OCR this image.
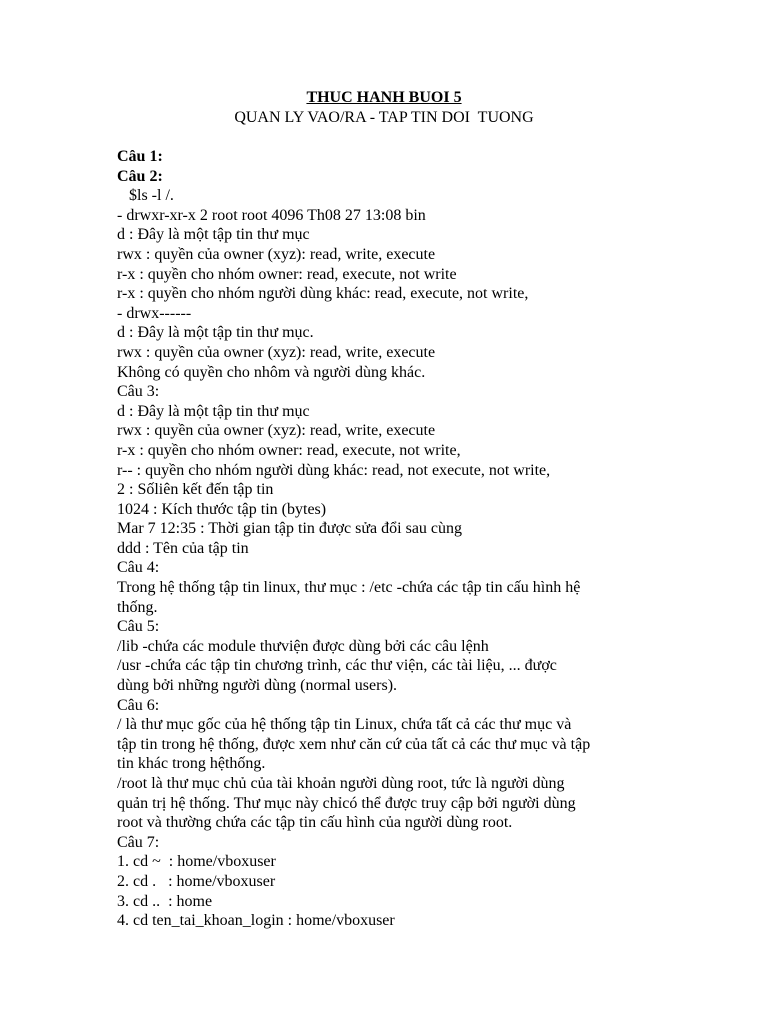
THUC HANH BUOI 5
QUAN LY VAO/RA - TAP TIN DOI  TUONG
Câu 1:
Câu 2:
$ls -l /.
- drwxr-xr-x 2 root root 4096 Th08 27 13:08 bin
d : Đây là một tập tin thư mục
rwx : quyền của owner (xyz): read, write, execute
r-x : quyền cho nhóm owner: read, execute, not write
r-x : quyền cho nhóm người dùng khác: read, execute, not write,
- drwx------
d : Đây là một tập tin thư mục.
rwx : quyền của owner (xyz): read, write, execute
Không có quyền cho nhôm và người dùng khác.
Câu 3:
d : Đây là một tập tin thư mục
rwx : quyền của owner (xyz): read, write, execute
r-x : quyền cho nhóm owner: read, execute, not write,
r-- : quyền cho nhóm người dùng khác: read, not execute, not write,
2 : Sốliên kết đến tập tin
1024 : Kích thước tập tin (bytes)
Mar 7 12:35 : Thời gian tập tin được sửa đổi sau cùng
ddd : Tên của tập tin
Câu 4:
Trong hệ thống tập tin linux, thư mục : /etc -chứa các tập tin cấu hình hệ
thống.
Câu 5:
/lib -chứa các module thưviện được dùng bởi các câu lệnh
/usr -chứa các tập tin chương trình, các thư viện, các tài liệu, ... được
dùng bởi những người dùng (normal users).
Câu 6:
/ là thư mục gốc của hệ thống tập tin Linux, chứa tất cả các thư mục và
tập tin trong hệ thống, được xem như căn cứ của tất cả các thư mục và tập
tin khác trong hệthống.
/root là thư mục chủ của tài khoản người dùng root, tức là người dùng
quản trị hệ thống. Thư mục này chỉcó thể được truy cập bởi người dùng
root và thường chứa các tập tin cấu hình của người dùng root.
Câu 7:
1. cd ~  : home/vboxuser
2. cd .   : home/vboxuser
3. cd ..  : home
4. cd ten_tai_khoan_login : home/vboxuser
